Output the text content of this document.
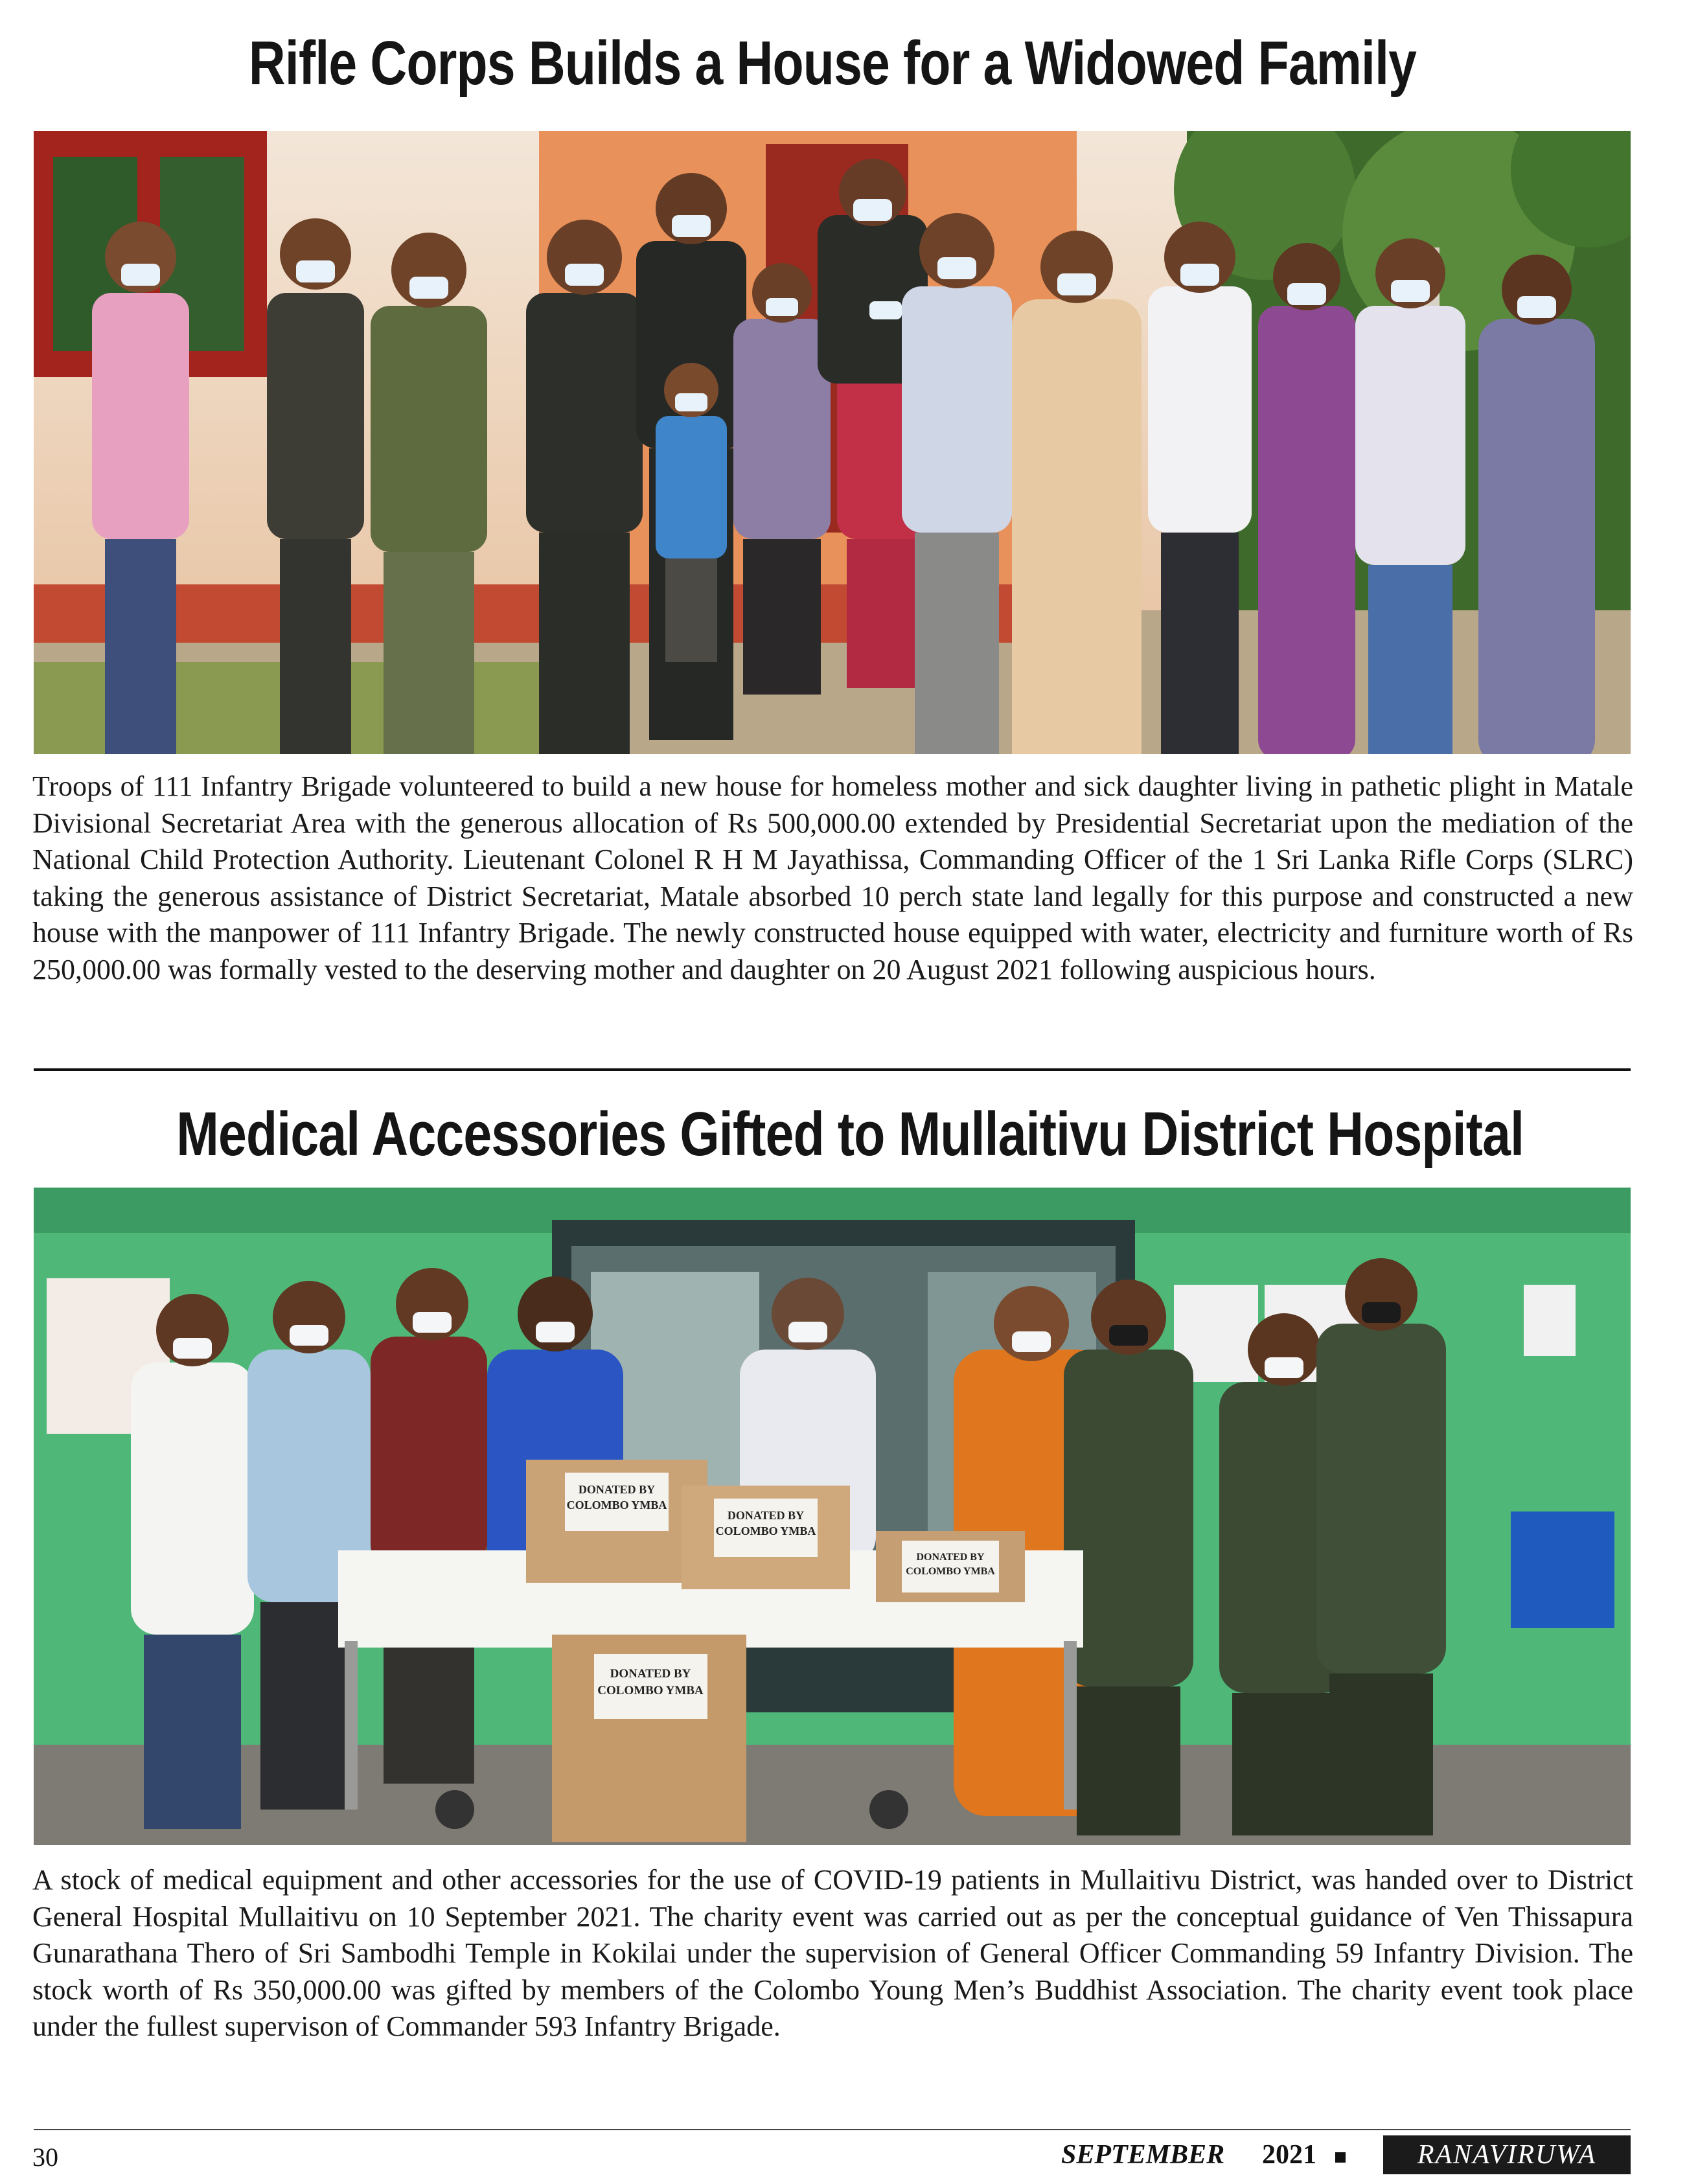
Rifle Corps Builds a House for a Widowed Family
Troops of 111 Infantry Brigade volunteered to build a new house for homeless mother and sick daughter living in pathetic plight in Matale Divisional Secretariat Area with the generous allocation of Rs 500,000.00 extended by Presidential Secretariat upon the mediation of the National Child Protection Authority. Lieutenant Colonel R H M Jayathissa, Commanding Officer of the 1 Sri Lanka Rifle Corps (SLRC) taking the generous assistance of District Secretariat, Matale absorbed 10 perch state land legally for this purpose and constructed a new house with the manpower of 111 Infantry Brigade. The newly constructed house equipped with water, electricity and furniture worth of Rs 250,000.00 was formally vested to the deserving mother and daughter on 20 August 2021 following auspicious hours.
Medical Accessories Gifted to Mullaitivu District Hospital
DONATED BY
COLOMBO YMBA
DONATED BY
COLOMBO YMBA
DONATED BY
COLOMBO YMBA
DONATED BY
COLOMBO YMBA
A stock of medical equipment and other accessories for the use of COVID-19 patients in Mullaitivu District, was handed over to District General Hospital Mullaitivu on 10 September 2021. The charity event was carried out as per the conceptual guidance of Ven Thissapura Gunarathana Thero of Sri Sambodhi Temple in Kokilai under the supervision of General Officer Commanding 59 Infantry Division. The stock worth of Rs 350,000.00 was gifted by members of the Colombo Young Men’s Buddhist Association. The charity event took place under the fullest supervison of Commander 593 Infantry Brigade.
30	SEPTEMBER 2021	RANAVIRUWA
